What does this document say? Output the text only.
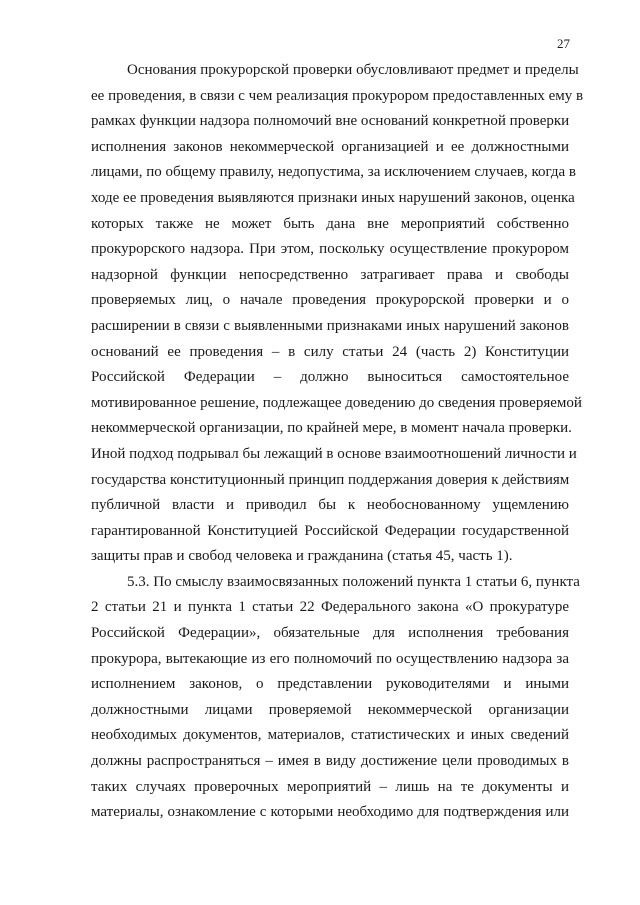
27
Основания прокурорской проверки обусловливают предмет и пределы
ее проведения, в связи с чем реализация прокурором предоставленных ему в
рамках функции надзора полномочий вне оснований конкретной проверки
исполнения законов некоммерческой организацией и ее должностными
лицами, по общему правилу, недопустима, за исключением случаев, когда в
ходе ее проведения выявляются признаки иных нарушений законов, оценка
которых также не может быть дана вне мероприятий собственно
прокурорского надзора. При этом, поскольку осуществление прокурором
надзорной функции непосредственно затрагивает права и свободы
проверяемых лиц, о начале проведения прокурорской проверки и о
расширении в связи с выявленными признаками иных нарушений законов
оснований ее проведения – в силу статьи 24 (часть 2) Конституции
Российской Федерации – должно выноситься самостоятельное
мотивированное решение, подлежащее доведению до сведения проверяемой
некоммерческой организации, по крайней мере, в момент начала проверки.
Иной подход подрывал бы лежащий в основе взаимоотношений личности и
государства конституционный принцип поддержания доверия к действиям
публичной власти и приводил бы к необоснованному ущемлению
гарантированной Конституцией Российской Федерации государственной
защиты прав и свобод человека и гражданина (статья 45, часть 1).
5.3. По смыслу взаимосвязанных положений пункта 1 статьи 6, пункта
2 статьи 21 и пункта 1 статьи 22 Федерального закона «О прокуратуре
Российской Федерации», обязательные для исполнения требования
прокурора, вытекающие из его полномочий по осуществлению надзора за
исполнением законов, о представлении руководителями и иными
должностными лицами проверяемой некоммерческой организации
необходимых документов, материалов, статистических и иных сведений
должны распространяться – имея в виду достижение цели проводимых в
таких случаях проверочных мероприятий – лишь на те документы и
материалы, ознакомление с которыми необходимо для подтверждения или
